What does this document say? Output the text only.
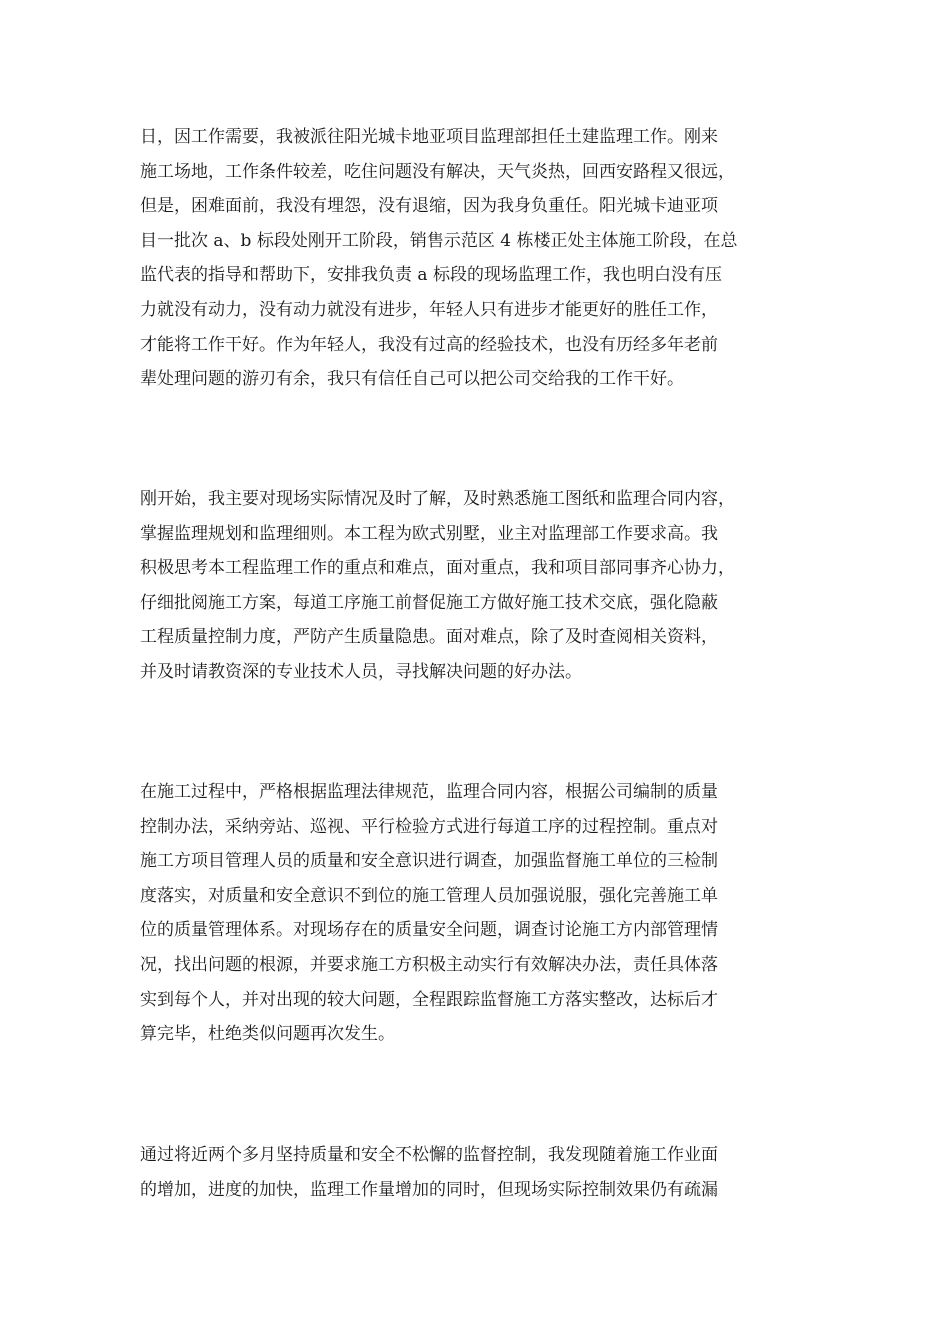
日，因工作需要，我被派往阳光城卡地亚项目监理部担任土建监理工作。刚来
施工场地，工作条件较差，吃住问题没有解决，天气炎热，回西安路程又很远，
但是，困难面前，我没有埋怨，没有退缩，因为我身负重任。阳光城卡迪亚项
目一批次 a、b 标段处刚开工阶段，销售示范区 4 栋楼正处主体施工阶段，在总
监代表的指导和帮助下，安排我负责 a 标段的现场监理工作，我也明白没有压
力就没有动力，没有动力就没有进步，年轻人只有进步才能更好的胜任工作，
才能将工作干好。作为年轻人，我没有过高的经验技术，也没有历经多年老前
辈处理问题的游刃有余，我只有信任自己可以把公司交给我的工作干好。
刚开始，我主要对现场实际情况及时了解，及时熟悉施工图纸和监理合同内容，
掌握监理规划和监理细则。本工程为欧式别墅，业主对监理部工作要求高。我
积极思考本工程监理工作的重点和难点，面对重点，我和项目部同事齐心协力，
仔细批阅施工方案，每道工序施工前督促施工方做好施工技术交底，强化隐蔽
工程质量控制力度，严防产生质量隐患。面对难点，除了及时查阅相关资料，
并及时请教资深的专业技术人员，寻找解决问题的好办法。
在施工过程中，严格根据监理法律规范，监理合同内容，根据公司编制的质量
控制办法，采纳旁站、巡视、平行检验方式进行每道工序的过程控制。重点对
施工方项目管理人员的质量和安全意识进行调查，加强监督施工单位的三检制
度落实，对质量和安全意识不到位的施工管理人员加强说服，强化完善施工单
位的质量管理体系。对现场存在的质量安全问题，调查讨论施工方内部管理情
况，找出问题的根源，并要求施工方积极主动实行有效解决办法，责任具体落
实到每个人，并对出现的较大问题，全程跟踪监督施工方落实整改，达标后才
算完毕，杜绝类似问题再次发生。
通过将近两个多月坚持质量和安全不松懈的监督控制，我发现随着施工作业面
的增加，进度的加快，监理工作量增加的同时，但现场实际控制效果仍有疏漏
